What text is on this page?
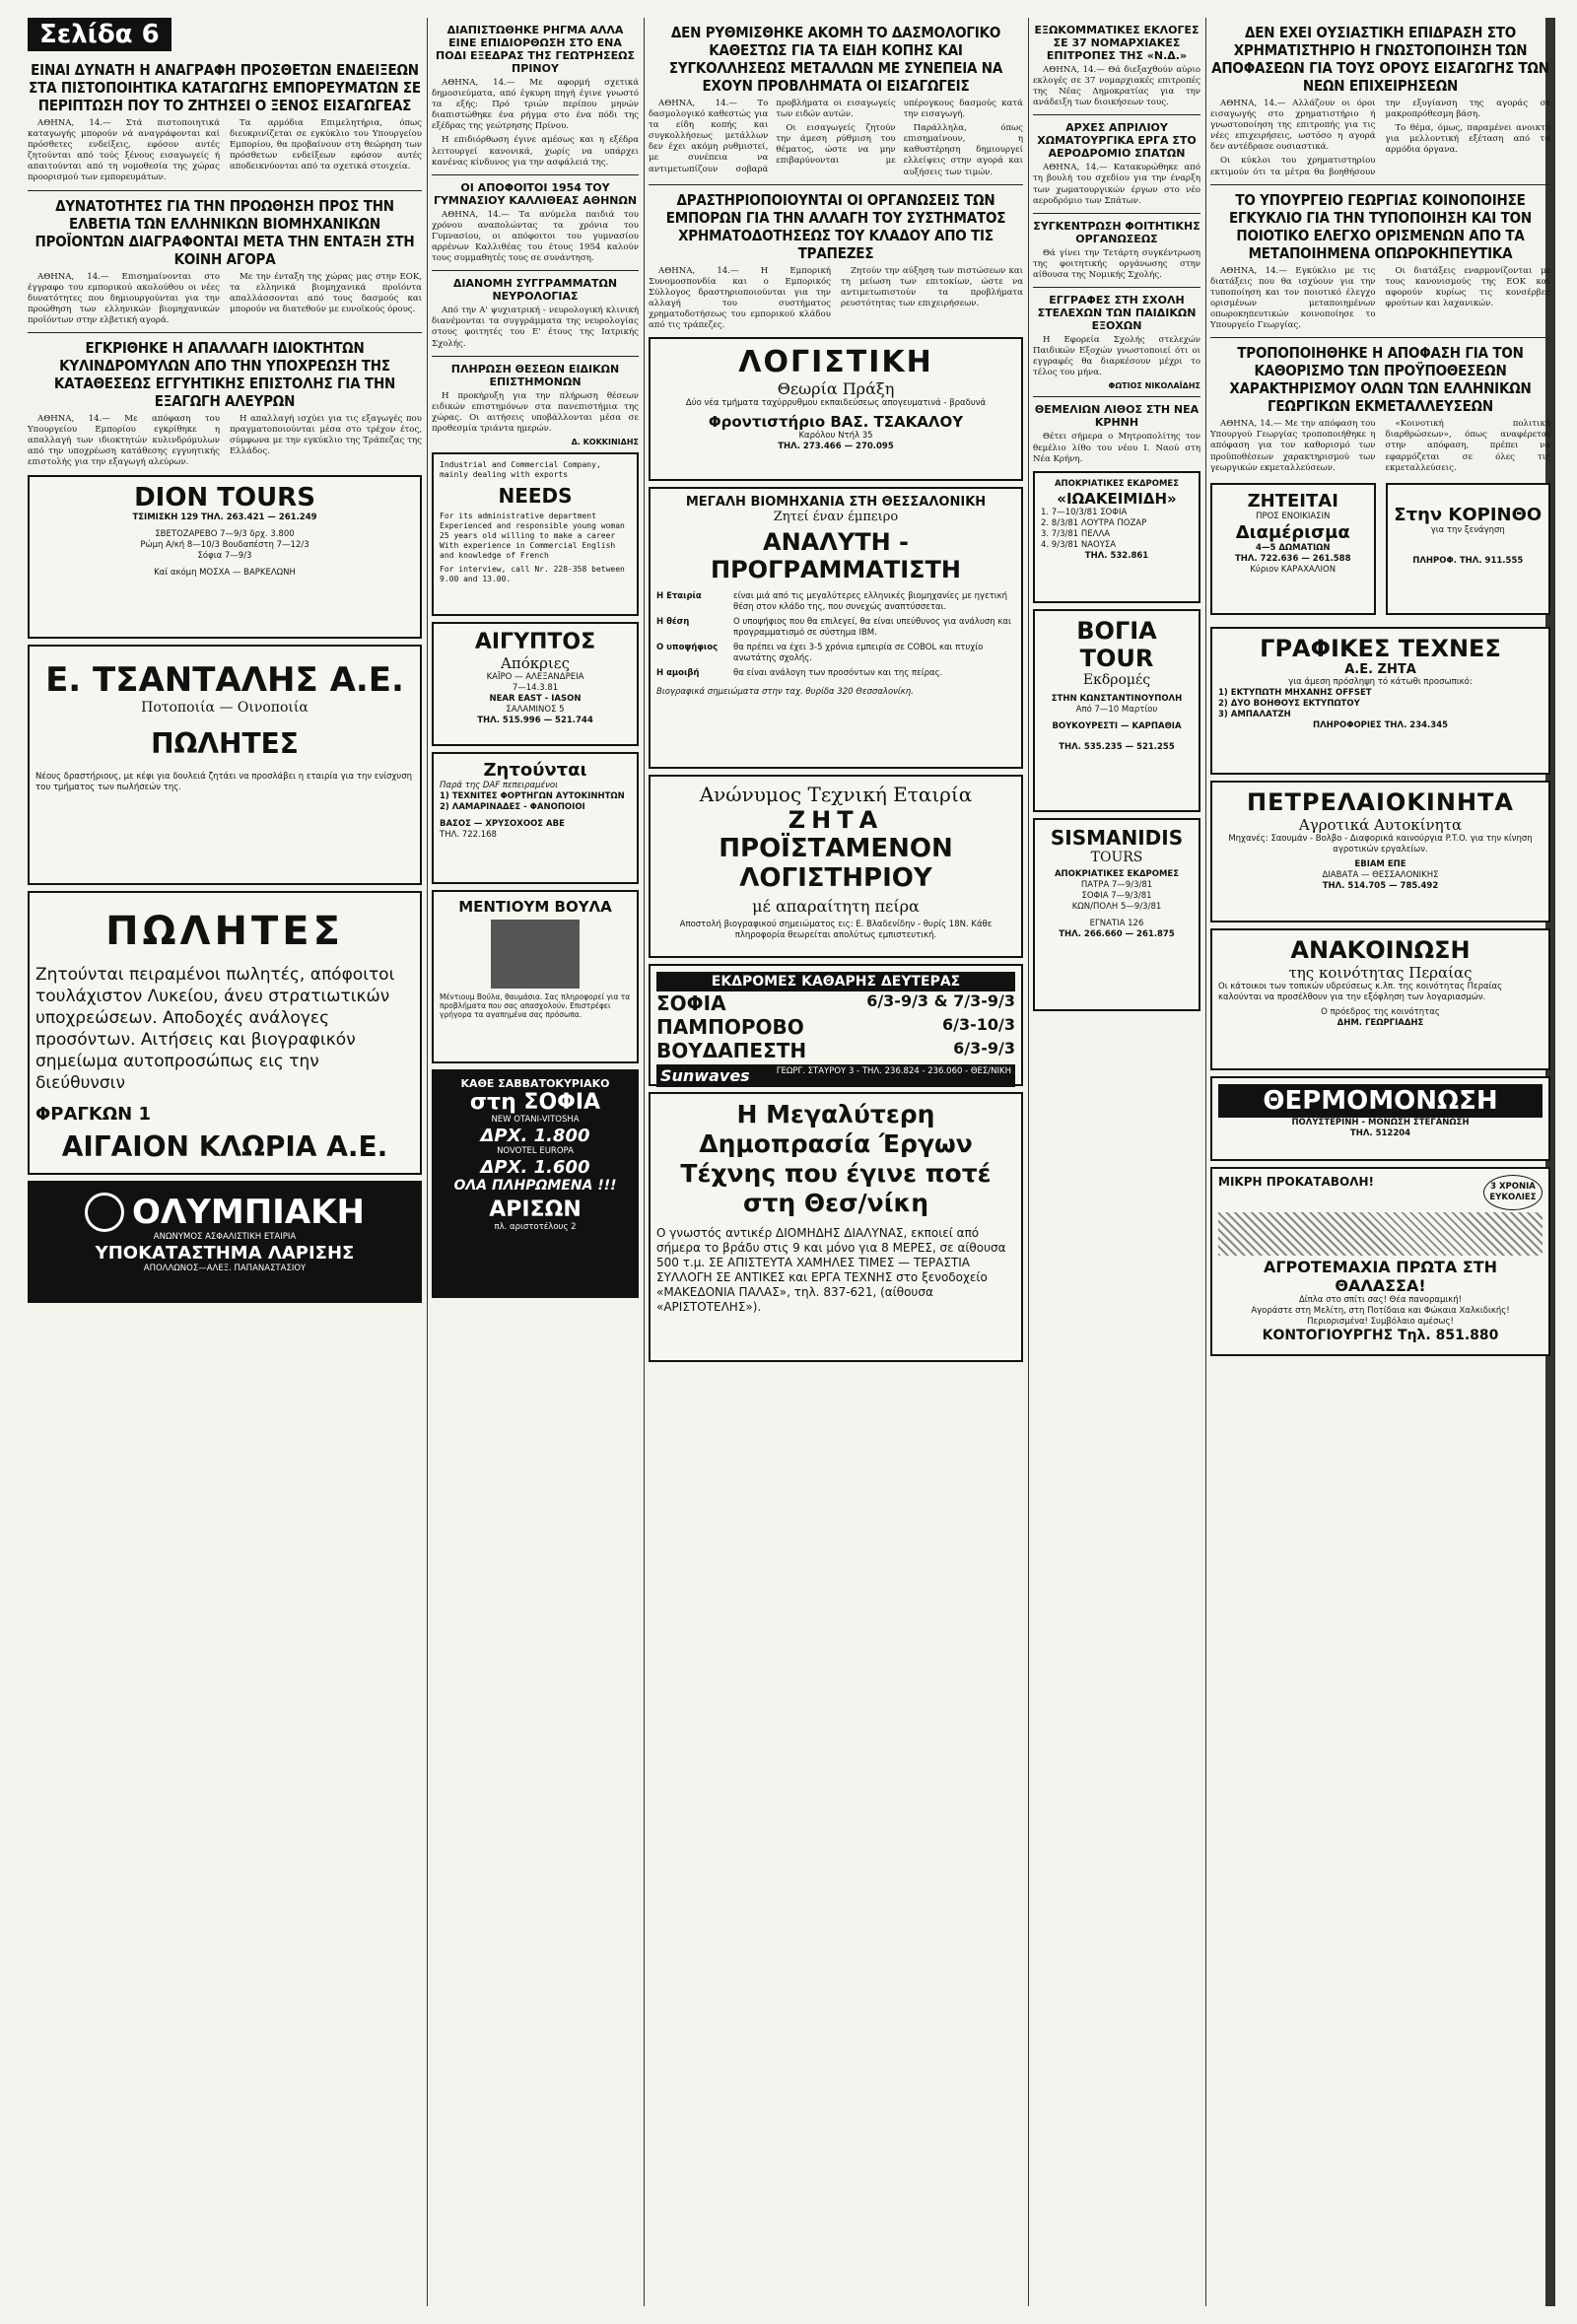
Σελίδα 6
ΕΙΝΑΙ ΔΥΝΑΤΗ Η ΑΝΑΓΡΑΦΗ ΠΡΟΣΘΕΤΩΝ ΕΝΔΕΙΞΕΩΝ ΣΤΑ ΠΙΣΤΟΠΟΙΗΤΙΚΑ ΚΑΤΑΓΩΓΗΣ ΕΜΠΟΡΕΥΜΑΤΩΝ ΣΕ ΠΕΡΙΠΤΩΣΗ ΠΟΥ ΤΟ ΖΗΤΗΣΕΙ Ο ΞΕΝΟΣ ΕΙΣΑΓΩΓΕΑΣ

ΑΘΗΝΑ, 14.— Στά πιστοποιητικά καταγωγής μπορούν νά αναγράφονται καί πρόσθετες ενδείξεις, εφόσον αυτές ζητούνται από τούς ξένους εισαγωγείς ή απαιτούνται από τη νομοθεσία της χώρας προορισμού των εμπορευμάτων.

Τα αρμόδια Επιμελητήρια, όπως διευκρινίζεται σε εγκύκλιο του Υπουργείου Εμπορίου, θα προβαίνουν στη θεώρηση των πρόσθετων ενδείξεων εφόσον αυτές αποδεικνύονται από τα σχετικά στοιχεία.

ΔΥΝΑΤΟΤΗΤΕΣ ΓΙΑ ΤΗΝ ΠΡΟΩΘΗΣΗ ΠΡΟΣ ΤΗΝ ΕΛΒΕΤΙΑ ΤΩΝ ΕΛΛΗΝΙΚΩΝ ΒΙΟΜΗΧΑΝΙΚΩΝ ΠΡΟΪΟΝΤΩΝ ΔΙΑΓΡΑΦΟΝΤΑΙ ΜΕΤΑ ΤΗΝ ΕΝΤΑΞΗ ΣΤΗ ΚΟΙΝΗ ΑΓΟΡΑ

ΑΘΗΝΑ, 14.— Επισημαίνονται στο έγγραφο του εμπορικού ακολούθου οι νέες δυνατότητες που δημιουργούνται για την προώθηση των ελληνικών βιομηχανικών προϊόντων στην ελβετική αγορά.

Με την ένταξη της χώρας μας στην ΕΟΚ, τα ελληνικά βιομηχανικά προϊόντα απαλλάσσονται από τους δασμούς και μπορούν να διατεθούν με ευνοϊκούς όρους.

ΕΓΚΡΙΘΗΚΕ Η ΑΠΑΛΛΑΓΗ ΙΔΙΟΚΤΗΤΩΝ ΚΥΛΙΝΔΡΟΜΥΛΩΝ ΑΠΟ ΤΗΝ ΥΠΟΧΡΕΩΣΗ ΤΗΣ ΚΑΤΑΘΕΣΕΩΣ ΕΓΓΥΗΤΙΚΗΣ ΕΠΙΣΤΟΛΗΣ ΓΙΑ ΤΗΝ ΕΞΑΓΩΓΗ ΑΛΕΥΡΩΝ

ΑΘΗΝΑ, 14.— Με απόφαση του Υπουργείου Εμπορίου εγκρίθηκε η απαλλαγή των ιδιοκτητών κυλινδρόμυλων από την υποχρέωση κατάθεσης εγγυητικής επιστολής για την εξαγωγή αλεύρων.

Η απαλλαγή ισχύει για τις εξαγωγές που πραγματοποιούνται μέσα στο τρέχον έτος, σύμφωνα με την εγκύκλιο της Τράπεζας της Ελλάδος.

DION TOURS
ΤΣΙΜΙΣΚΗ 129 ΤΗΛ. 263.421 — 261.249
ΣΒΕΤΟΖΑΡΕΒΟ 7—9/3 δρχ. 3.800
Ρώμη Α/κή 8—10/3 Βουδαπέστη 7—12/3
Σόφια 7—9/3
Καί ακόμη ΜΟΣΧΑ — ΒΑΡΚΕΛΩΝΗ
Ε. ΤΣΑΝΤΑΛΗΣ Α.Ε.
Ποτοποιία — Οινοποιία
ΠΩΛΗΤΕΣ
Νέους δραστήριους, με κέφι για δουλειά ζητάει να προσλάβει η εταιρία για την ενίσχυση του τμήματος των πωλήσεών της.
ΠΩΛΗΤΕΣ
Ζητούνται πειραμένοι πωλητές, απόφοιτοι τουλάχιστον Λυκείου, άνευ στρατιωτικών υποχρεώσεων. Αποδοχές ανάλογες προσόντων. Αιτήσεις και βιογραφικόν σημείωμα αυτοπροσώπως εις την διεύθυνσιν
ΦΡΑΓΚΩΝ 1
ΑΙΓΑΙΟΝ ΚΛΩΡΙΑ Α.Ε.
ΟΛΥΜΠΙΑΚΗ
ΑΝΩΝΥΜΟΣ ΑΣΦΑΛΙΣΤΙΚΗ ΕΤΑΙΡΙΑ
ΥΠΟΚΑΤΑΣΤΗΜΑ ΛΑΡΙΣΗΣ
ΑΠΟΛΛΩΝΟΣ—ΑΛΕΞ. ΠΑΠΑΝΑΣΤΑΣΙΟΥ
ΔΙΑΠΙΣΤΩΘΗΚΕ ΡΗΓΜΑ ΑΛΛΑ ΕΙΝΕ ΕΠΙΔΙΟΡΘΩΣΗ ΣΤΟ ΕΝΑ ΠΟΔΙ ΕΞΕΔΡΑΣ ΤΗΣ ΓΕΩΤΡΗΣΕΩΣ ΠΡΙΝΟΥ

ΑΘΗΝΑ, 14.— Με αφορμή σχετικά δημοσιεύματα, από έγκυρη πηγή έγινε γνωστό τα εξής: Πρό τριών περίπου μηνών διαπιστώθηκε ένα ρήγμα στο ένα πόδι της εξέδρας της γεώτρησης Πρίνου.

Η επιδιόρθωση έγινε αμέσως και η εξέδρα λειτουργεί κανονικά, χωρίς να υπάρχει κανένας κίνδυνος για την ασφάλειά της.

ΟΙ ΑΠΟΦΟΙΤΟΙ 1954 ΤΟΥ ΓΥΜΝΑΣΙΟΥ ΚΑΛΛΙΘΕΑΣ ΑΘΗΝΩΝ

ΑΘΗΝΑ, 14.— Τα ανύμελα παιδιά του χρόνου αναπολώντας τα χρόνια του Γυμνασίου, οι απόφοιτοι του γυμνασίου αρρένων Καλλιθέας του έτους 1954 καλούν τους συμμαθητές τους σε συνάντηση.

ΔΙΑΝΟΜΗ ΣΥΓΓΡΑΜΜΑΤΩΝ ΝΕΥΡΟΛΟΓΙΑΣ

Από την Α' ψυχιατρική - νευρολογική κλινική διανέμονται τα συγγράμματα της νευρολογίας στους φοιτητές του Ε' έτους της Ιατρικής Σχολής.

ΠΛΗΡΩΣΗ ΘΕΣΕΩΝ ΕΙΔΙΚΩΝ ΕΠΙΣΤΗΜΟΝΩΝ

Η προκήρυξη για την πλήρωση θέσεων ειδικών επιστημόνων στα πανεπιστήμια της χώρας. Οι αιτήσεις υποβάλλονται μέσα σε προθεσμία τριάντα ημερών.

Δ. ΚΟΚΚΙΝΙΔΗΣ
Industrial and Commercial Company, mainly dealing with exports
NEEDS
For its administrative department
Experienced and responsible young woman 25 years old willing to make a career
With experience in Commercial English and knowledge of French
For interview, call Nr. 228-358 between 9.00 and 13.00.
ΑΙΓΥΠΤΟΣ
Απόκριες
ΚΑΪΡΟ — ΑΛΕΞΑΝΔΡΕΙΑ
7—14.3.81
NEAR EAST - IASON
ΣΑΛΑΜΙΝΟΣ 5
ΤΗΛ. 515.996 — 521.744
Ζητούνται
Παρά της DAF πεπειραμένοι
1) ΤΕΧΝΙΤΕΣ ΦΟΡΤΗΓΩΝ ΑΥΤΟΚΙΝΗΤΩΝ
2) ΛΑΜΑΡΙΝΑΔΕΣ - ΦΑΝΟΠΟΙΟΙ
ΒΑΣΟΣ — ΧΡΥΣΟΧΟΟΣ ΑΒΕ
ΤΗΛ. 722.168
ΜΕΝΤΙΟΥΜ ΒΟΥΛΑ
Μέντιουμ Βούλα, θαυμάσια. Σας πληροφορεί για τα προβλήματα που σας απασχολούν. Επιστρέφει γρήγορα τα αγαπημένα σας πρόσωπα.
ΚΑΘΕ ΣΑΒΒΑΤΟΚΥΡΙΑΚΟ
στη ΣΟΦΙΑ
NEW OTANI-VITOSHA
ΔΡΧ. 1.800
NOVOTEL EUROPA
ΔΡΧ. 1.600
ΟΛΑ ΠΛΗΡΩΜΕΝΑ !!!
ΑΡΙΣΩΝ
πλ. αριστοτέλους 2
ΔΕΝ ΡΥΘΜΙΣΘΗΚΕ ΑΚΟΜΗ ΤΟ ΔΑΣΜΟΛΟΓΙΚΟ ΚΑΘΕΣΤΩΣ ΓΙΑ ΤΑ ΕΙΔΗ ΚΟΠΗΣ ΚΑΙ ΣΥΓΚΟΛΛΗΣΕΩΣ ΜΕΤΑΛΛΩΝ ΜΕ ΣΥΝΕΠΕΙΑ ΝΑ ΕΧΟΥΝ ΠΡΟΒΛΗΜΑΤΑ ΟΙ ΕΙΣΑΓΩΓΕΙΣ

ΑΘΗΝΑ, 14.— Το δασμολογικό καθεστώς για τα είδη κοπής και συγκολλήσεως μετάλλων δεν έχει ακόμη ρυθμιστεί, με συνέπεια να αντιμετωπίζουν σοβαρά προβλήματα οι εισαγωγείς των ειδών αυτών.

Οι εισαγωγείς ζητούν την άμεση ρύθμιση του θέματος, ώστε να μην επιβαρύνονται με υπέρογκους δασμούς κατά την εισαγωγή.

Παράλληλα, όπως επισημαίνουν, η καθυστέρηση δημιουργεί ελλείψεις στην αγορά και αυξήσεις των τιμών.

ΔΡΑΣΤΗΡΙΟΠΟΙΟΥΝΤΑΙ ΟΙ ΟΡΓΑΝΩΣΕΙΣ ΤΩΝ ΕΜΠΟΡΩΝ ΓΙΑ ΤΗΝ ΑΛΛΑΓΗ ΤΟΥ ΣΥΣΤΗΜΑΤΟΣ ΧΡΗΜΑΤΟΔΟΤΗΣΕΩΣ ΤΟΥ ΚΛΑΔΟΥ ΑΠΟ ΤΙΣ ΤΡΑΠΕΖΕΣ

ΑΘΗΝΑ, 14.— Η Εμπορική Συνομοσπονδία και ο Εμπορικός Σύλλογος δραστηριοποιούνται για την αλλαγή του συστήματος χρηματοδοτήσεως του εμπορικού κλάδου από τις τράπεζες.

Ζητούν την αύξηση των πιστώσεων και τη μείωση των επιτοκίων, ώστε να αντιμετωπιστούν τα προβλήματα ρευστότητας των επιχειρήσεων.

ΛΟΓΙΣΤΙΚΗ
Θεωρία Πράξη
Δύο νέα τμήματα ταχύρρυθμου εκπαιδεύσεως απογευματινά - βραδυνά
Φροντιστήριο ΒΑΣ. ΤΣΑΚΑΛΟΥ
Καρόλου Ντήλ 35
ΤΗΛ. 273.466 — 270.095
ΜΕΓΑΛΗ ΒΙΟΜΗΧΑΝΙΑ ΣΤΗ ΘΕΣΣΑΛΟΝΙΚΗ
Ζητεί έναν έμπειρο
ΑΝΑΛΥΤΗ - ΠΡΟΓΡΑΜΜΑΤΙΣΤΗ
Η Εταιρία	είναι μιά από τις μεγαλύτερες ελληνικές βιομηχανίες με ηγετική θέση στον κλάδο της, που συνεχώς αναπτύσσεται.
Η θέση	Ο υποψήφιος που θα επιλεγεί, θα είναι υπεύθυνος για ανάλυση και προγραμματισμό σε σύστημα IBM.
Ο υποψήφιος	θα πρέπει να έχει 3-5 χρόνια εμπειρία σε COBOL και πτυχίο ανωτάτης σχολής.
Η αμοιβή	θα είναι ανάλογη των προσόντων και της πείρας.
Βιογραφικά σημειώματα στην ταχ. θυρίδα 320 Θεσσαλονίκη.
Ανώνυμος Τεχνική Εταιρία
ΖΗΤΑ
ΠΡΟΪΣΤΑΜΕΝΟΝ ΛΟΓΙΣΤΗΡΙΟΥ
μέ απαραίτητη πείρα
Αποστολή βιογραφικού σημειώματος εις: Ε. Βλαδενίδην - θυρίς 18Ν. Κάθε πληροφορία θεωρείται απολύτως εμπιστευτική.
ΕΚΔΡΟΜΕΣ ΚΑΘΑΡΗΣ ΔΕΥΤΕΡΑΣ
ΣΟΦΙΑ	6/3-9/3 & 7/3-9/3
ΠΑΜΠΟΡΟΒΟ	6/3-10/3
ΒΟΥΔΑΠΕΣΤΗ	6/3-9/3
Sunwaves	ΓΕΩΡΓ. ΣΤΑΥΡΟΥ 3 - ΤΗΛ. 236.824 - 236.060 - ΘΕΣ/ΝΙΚΗ
Η Μεγαλύτερη Δημοπρασία Έργων Τέχνης που έγινε ποτέ στη Θεσ/νίκη
Ο γνωστός αντικέρ ΔΙΟΜΗΔΗΣ ΔΙΑΛΥΝΑΣ, εκποιεί από σήμερα το βράδυ στις 9 και μόνο για 8 ΜΕΡΕΣ, σε αίθουσα 500 τ.μ. ΣΕ ΑΠΙΣΤΕΥΤΑ ΧΑΜΗΛΕΣ ΤΙΜΕΣ — ΤΕΡΑΣΤΙΑ ΣΥΛΛΟΓΗ ΣΕ ΑΝΤΙΚΕΣ και ΕΡΓΑ ΤΕΧΝΗΣ στο ξενοδοχείο «ΜΑΚΕΔΟΝΙΑ ΠΑΛΑΣ», τηλ. 837-621, (αίθουσα «ΑΡΙΣΤΟΤΕΛΗΣ»).
ΕΞΩΚΟΜΜΑΤΙΚΕΣ ΕΚΛΟΓΕΣ ΣΕ 37 ΝΟΜΑΡΧΙΑΚΕΣ ΕΠΙΤΡΟΠΕΣ ΤΗΣ «Ν.Δ.»

ΑΘΗΝΑ, 14.— Θά διεξαχθούν αύριο εκλογές σε 37 νομαρχιακές επιτροπές της Νέας Δημοκρατίας για την ανάδειξη των διοικήσεων τους.

ΑΡΧΕΣ ΑΠΡΙΛΙΟΥ ΧΩΜΑΤΟΥΡΓΙΚΑ ΕΡΓΑ ΣΤΟ ΑΕΡΟΔΡΟΜΙΟ ΣΠΑΤΩΝ

ΑΘΗΝΑ, 14.— Κατακυρώθηκε από τη βουλή του σχεδίου για την έναρξη των χωματουργικών έργων στο νέο αεροδρόμιο των Σπάτων.

ΣΥΓΚΕΝΤΡΩΣΗ ΦΟΙΤΗΤΙΚΗΣ ΟΡΓΑΝΩΣΕΩΣ

Θά γίνει την Τετάρτη συγκέντρωση της φοιτητικής οργάνωσης στην αίθουσα της Νομικής Σχολής.

ΕΓΓΡΑΦΕΣ ΣΤΗ ΣΧΟΛΗ ΣΤΕΛΕΧΩΝ ΤΩΝ ΠΑΙΔΙΚΩΝ ΕΞΟΧΩΝ

Η Εφορεία Σχολής στελεχών Παιδικών Εξοχών γνωστοποιεί ότι οι εγγραφές θα διαρκέσουν μέχρι το τέλος του μήνα.

ΦΩΤΙΟΣ ΝΙΚΟΛΑΪΔΗΣ
ΘΕΜΕΛΙΩΝ ΛΙΘΟΣ ΣΤΗ ΝΕΑ ΚΡΗΝΗ

Θέτει σήμερα ο Μητροπολίτης τον θεμέλιο λίθο του νέου Ι. Ναού στη Νέα Κρήνη.

ΑΠΟΚΡΙΑΤΙΚΕΣ ΕΚΔΡΟΜΕΣ
«ΙΩΑΚΕΙΜΙΔΗ»
1. 7—10/3/81 ΣΟΦΙΑ
2. 8/3/81 ΛΟΥΤΡΑ ΠΟΖΑΡ
3. 7/3/81 ΠΕΛΛΑ
4. 9/3/81 ΝΑΟΥΣΑ
ΤΗΛ. 532.861
ΒΟΓΙΑ TOUR
Εκδρομές
ΣΤΗΝ ΚΩΝΣΤΑΝΤΙΝΟΥΠΟΛΗ
Από 7—10 Μαρτίου
ΒΟΥΚΟΥΡΕΣΤΙ — ΚΑΡΠΑΘΙΑ
ΤΗΛ. 535.235 — 521.255
SISMANIDIS
TOURS
ΑΠΟΚΡΙΑΤΙΚΕΣ ΕΚΔΡΟΜΕΣ
ΠΑΤΡΑ 7—9/3/81
ΣΟΦΙΑ 7—9/3/81
ΚΩΝ/ΠΟΛΗ 5—9/3/81
ΕΓΝΑΤΙΑ 126
ΤΗΛ. 266.660 — 261.875
ΔΕΝ ΕΧΕΙ ΟΥΣΙΑΣΤΙΚΗ ΕΠΙΔΡΑΣΗ ΣΤΟ ΧΡΗΜΑΤΙΣΤΗΡΙΟ Η ΓΝΩΣΤΟΠΟΙΗΣΗ ΤΩΝ ΑΠΟΦΑΣΕΩΝ ΓΙΑ ΤΟΥΣ ΟΡΟΥΣ ΕΙΣΑΓΩΓΗΣ ΤΩΝ ΝΕΩΝ ΕΠΙΧΕΙΡΗΣΕΩΝ

ΑΘΗΝΑ, 14.— Αλλάζουν οι όροι εισαγωγής στο χρηματιστήριο ή γνωστοποίηση της επιτροπής για τις νέες επιχειρήσεις, ωστόσο η αγορά δεν αντέδρασε ουσιαστικά.

Οι κύκλοι του χρηματιστηρίου εκτιμούν ότι τα μέτρα θα βοηθήσουν την εξυγίανση της αγοράς σε μακροπρόθεσμη βάση.

Το θέμα, όμως, παραμένει ανοικτό για μελλοντική εξέταση από τα αρμόδια όργανα.

ΤΟ ΥΠΟΥΡΓΕΙΟ ΓΕΩΡΓΙΑΣ ΚΟΙΝΟΠΟΙΗΣΕ ΕΓΚΥΚΛΙΟ ΓΙΑ ΤΗΝ ΤΥΠΟΠΟΙΗΣΗ ΚΑΙ ΤΟΝ ΠΟΙΟΤΙΚΟ ΕΛΕΓΧΟ ΟΡΙΣΜΕΝΩΝ ΑΠΟ ΤΑ ΜΕΤΑΠΟΙΗΜΕΝΑ ΟΠΩΡΟΚΗΠΕΥΤΙΚΑ

ΑΘΗΝΑ, 14.— Εγκύκλιο με τις διατάξεις που θα ισχύουν για την τυποποίηση και τον ποιοτικό έλεγχο ορισμένων μεταποιημένων οπωροκηπευτικών κοινοποίησε το Υπουργείο Γεωργίας.

Οι διατάξεις εναρμονίζονται με τους κανονισμούς της ΕΟΚ και αφορούν κυρίως τις κονσέρβες φρούτων και λαχανικών.

ΤΡΟΠΟΠΟΙΗΘΗΚΕ Η ΑΠΟΦΑΣΗ ΓΙΑ ΤΟΝ ΚΑΘΟΡΙΣΜΟ ΤΩΝ ΠΡΟΫΠΟΘΕΣΕΩΝ ΧΑΡΑΚΤΗΡΙΣΜΟΥ ΟΛΩΝ ΤΩΝ ΕΛΛΗΝΙΚΩΝ ΓΕΩΡΓΙΚΩΝ ΕΚΜΕΤΑΛΛΕΥΣΕΩΝ

ΑΘΗΝΑ, 14.— Με την απόφαση του Υπουργού Γεωργίας τροποποιήθηκε η απόφαση για τον καθορισμό των προϋποθέσεων χαρακτηρισμού των γεωργικών εκμεταλλεύσεων.

«Κοινοτική πολιτική διαρθρώσεων», όπως αναφέρεται στην απόφαση, πρέπει να εφαρμόζεται σε όλες τις εκμεταλλεύσεις.

ΖΗΤΕΙΤΑΙ
ΠΡΟΣ ΕΝΟΙΚΙΑΣΙΝ
Διαμέρισμα
4—5 ΔΩΜΑΤΙΩΝ
ΤΗΛ. 722.636 — 261.588
Κύριον ΚΑΡΑΧΑΛΙΟΝ
Στην ΚΟΡΙΝΘΟ
για την ξενάγηση
ΠΛΗΡΟΦ. ΤΗΛ. 911.555
ΓΡΑΦΙΚΕΣ ΤΕΧΝΕΣ
Α.Ε. ΖΗΤΑ
για άμεση πρόσληψη τό κάτωθι προσωπικό:
1) ΕΚΤΥΠΩΤΗ ΜΗΧΑΝΗΣ OFFSET
2) ΔΥΟ ΒΟΗΘΟΥΣ ΕΚΤΥΠΩΤΟΥ
3) ΑΜΠΑΛΑΤΖΗ
ΠΛΗΡΟΦΟΡΙΕΣ ΤΗΛ. 234.345
ΠΕΤΡΕΛΑΙΟΚΙΝΗΤΑ
Αγροτικά Αυτοκίνητα
Μηχανές: Σαουμάν - Βολβο - Διαφορικά καινούργια P.T.O. για την κίνηση αγροτικών εργαλείων.
ΕΒΙΑΜ ΕΠΕ
ΔΙΑΒΑΤΑ — ΘΕΣΣΑΛΟΝΙΚΗΣ
ΤΗΛ. 514.705 — 785.492
ΑΝΑΚΟΙΝΩΣΗ
της κοινότητας Περαίας
Οι κάτοικοι των τοπικών υδρεύσεως κ.λπ. της κοινότητας Περαίας καλούνται να προσέλθουν για την εξόφληση των λογαριασμών.
Ο πρόεδρος της κοινότητας
ΔΗΜ. ΓΕΩΡΓΙΑΔΗΣ
ΘΕΡΜΟΜΟΝΩΣΗ
ΠΟΛΥΣΤΕΡΙΝΗ - ΜΟΝΩΣΗ ΣΤΕΓΑΝΩΣΗ
ΤΗΛ. 512204
ΜΙΚΡΗ ΠΡΟΚΑΤΑΒΟΛΗ!	3 ΧΡΟΝΙΑ ΕΥΚΟΛΙΕΣ
ΑΓΡΟΤΕΜΑΧΙΑ ΠΡΩΤΑ ΣΤΗ ΘΑΛΑΣΣΑ!
Δίπλα στο σπίτι σας! Θέα πανοραμική!
Αγοράστε στη Μελίτη, στη Ποτίδαια και Φώκαια Χαλκιδικής!
Περιορισμένα! Συμβόλαιο αμέσως!
ΚΟΝΤΟΓΙΟΥΡΓΗΣ Τηλ. 851.880
